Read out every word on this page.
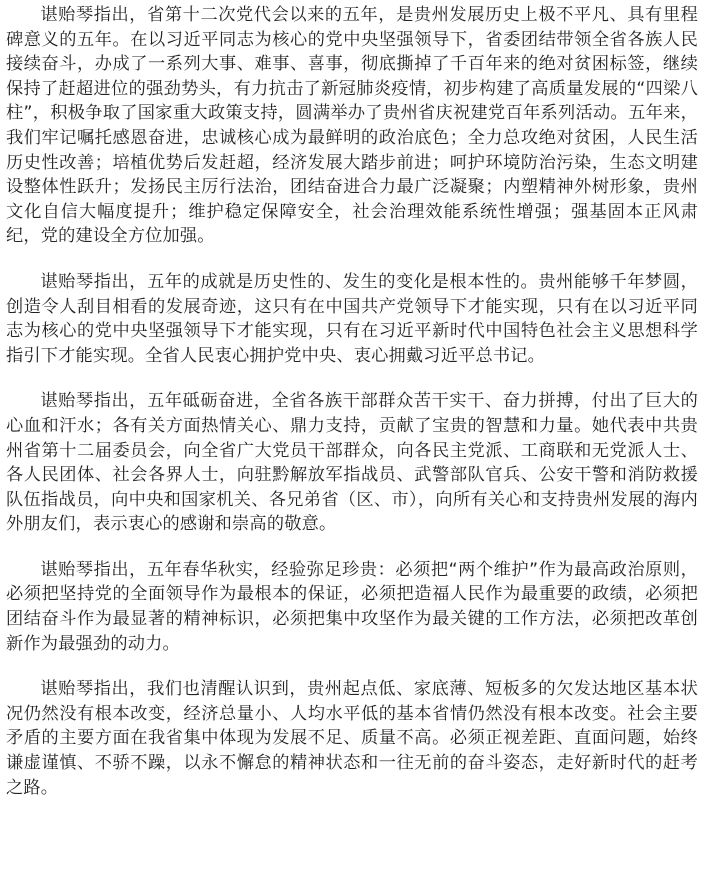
谌贻琴指出，省第十二次党代会以来的五年，是贵州发展历史上极不平凡、具有里程碑意义的五年。在以习近平同志为核心的党中央坚强领导下，省委团结带领全省各族人民接续奋斗，办成了一系列大事、难事、喜事，彻底撕掉了千百年来的绝对贫困标签，继续保持了赶超进位的强劲势头，有力抗击了新冠肺炎疫情，初步构建了高质量发展的“四梁八柱”，积极争取了国家重大政策支持，圆满举办了贵州省庆祝建党百年系列活动。五年来，我们牢记嘱托感恩奋进，忠诚核心成为最鲜明的政治底色；全力总攻绝对贫困，人民生活历史性改善；培植优势后发赶超，经济发展大踏步前进；呵护环境防治污染，生态文明建设整体性跃升；发扬民主厉行法治，团结奋进合力最广泛凝聚；内塑精神外树形象，贵州文化自信大幅度提升；维护稳定保障安全，社会治理效能系统性增强；强基固本正风肃纪，党的建设全方位加强。

谌贻琴指出，五年的成就是历史性的、发生的变化是根本性的。贵州能够千年梦圆，创造令人刮目相看的发展奇迹，这只有在中国共产党领导下才能实现，只有在以习近平同志为核心的党中央坚强领导下才能实现，只有在习近平新时代中国特色社会主义思想科学指引下才能实现。全省人民衷心拥护党中央、衷心拥戴习近平总书记。

谌贻琴指出，五年砥砺奋进，全省各族干部群众苦干实干、奋力拼搏，付出了巨大的心血和汗水；各有关方面热情关心、鼎力支持，贡献了宝贵的智慧和力量。她代表中共贵州省第十二届委员会，向全省广大党员干部群众，向各民主党派、工商联和无党派人士、各人民团体、社会各界人士，向驻黔解放军指战员、武警部队官兵、公安干警和消防救援队伍指战员，向中央和国家机关、各兄弟省（区、市），向所有关心和支持贵州发展的海内外朋友们，表示衷心的感谢和崇高的敬意。

谌贻琴指出，五年春华秋实，经验弥足珍贵：必须把“两个维护”作为最高政治原则，必须把坚持党的全面领导作为最根本的保证，必须把造福人民作为最重要的政绩，必须把团结奋斗作为最显著的精神标识，必须把集中攻坚作为最关键的工作方法，必须把改革创新作为最强劲的动力。

谌贻琴指出，我们也清醒认识到，贵州起点低、家底薄、短板多的欠发达地区基本状况仍然没有根本改变，经济总量小、人均水平低的基本省情仍然没有根本改变。社会主要矛盾的主要方面在我省集中体现为发展不足、质量不高。必须正视差距、直面问题，始终谦虚谨慎、不骄不躁，以永不懈怠的精神状态和一往无前的奋斗姿态，走好新时代的赶考之路。
